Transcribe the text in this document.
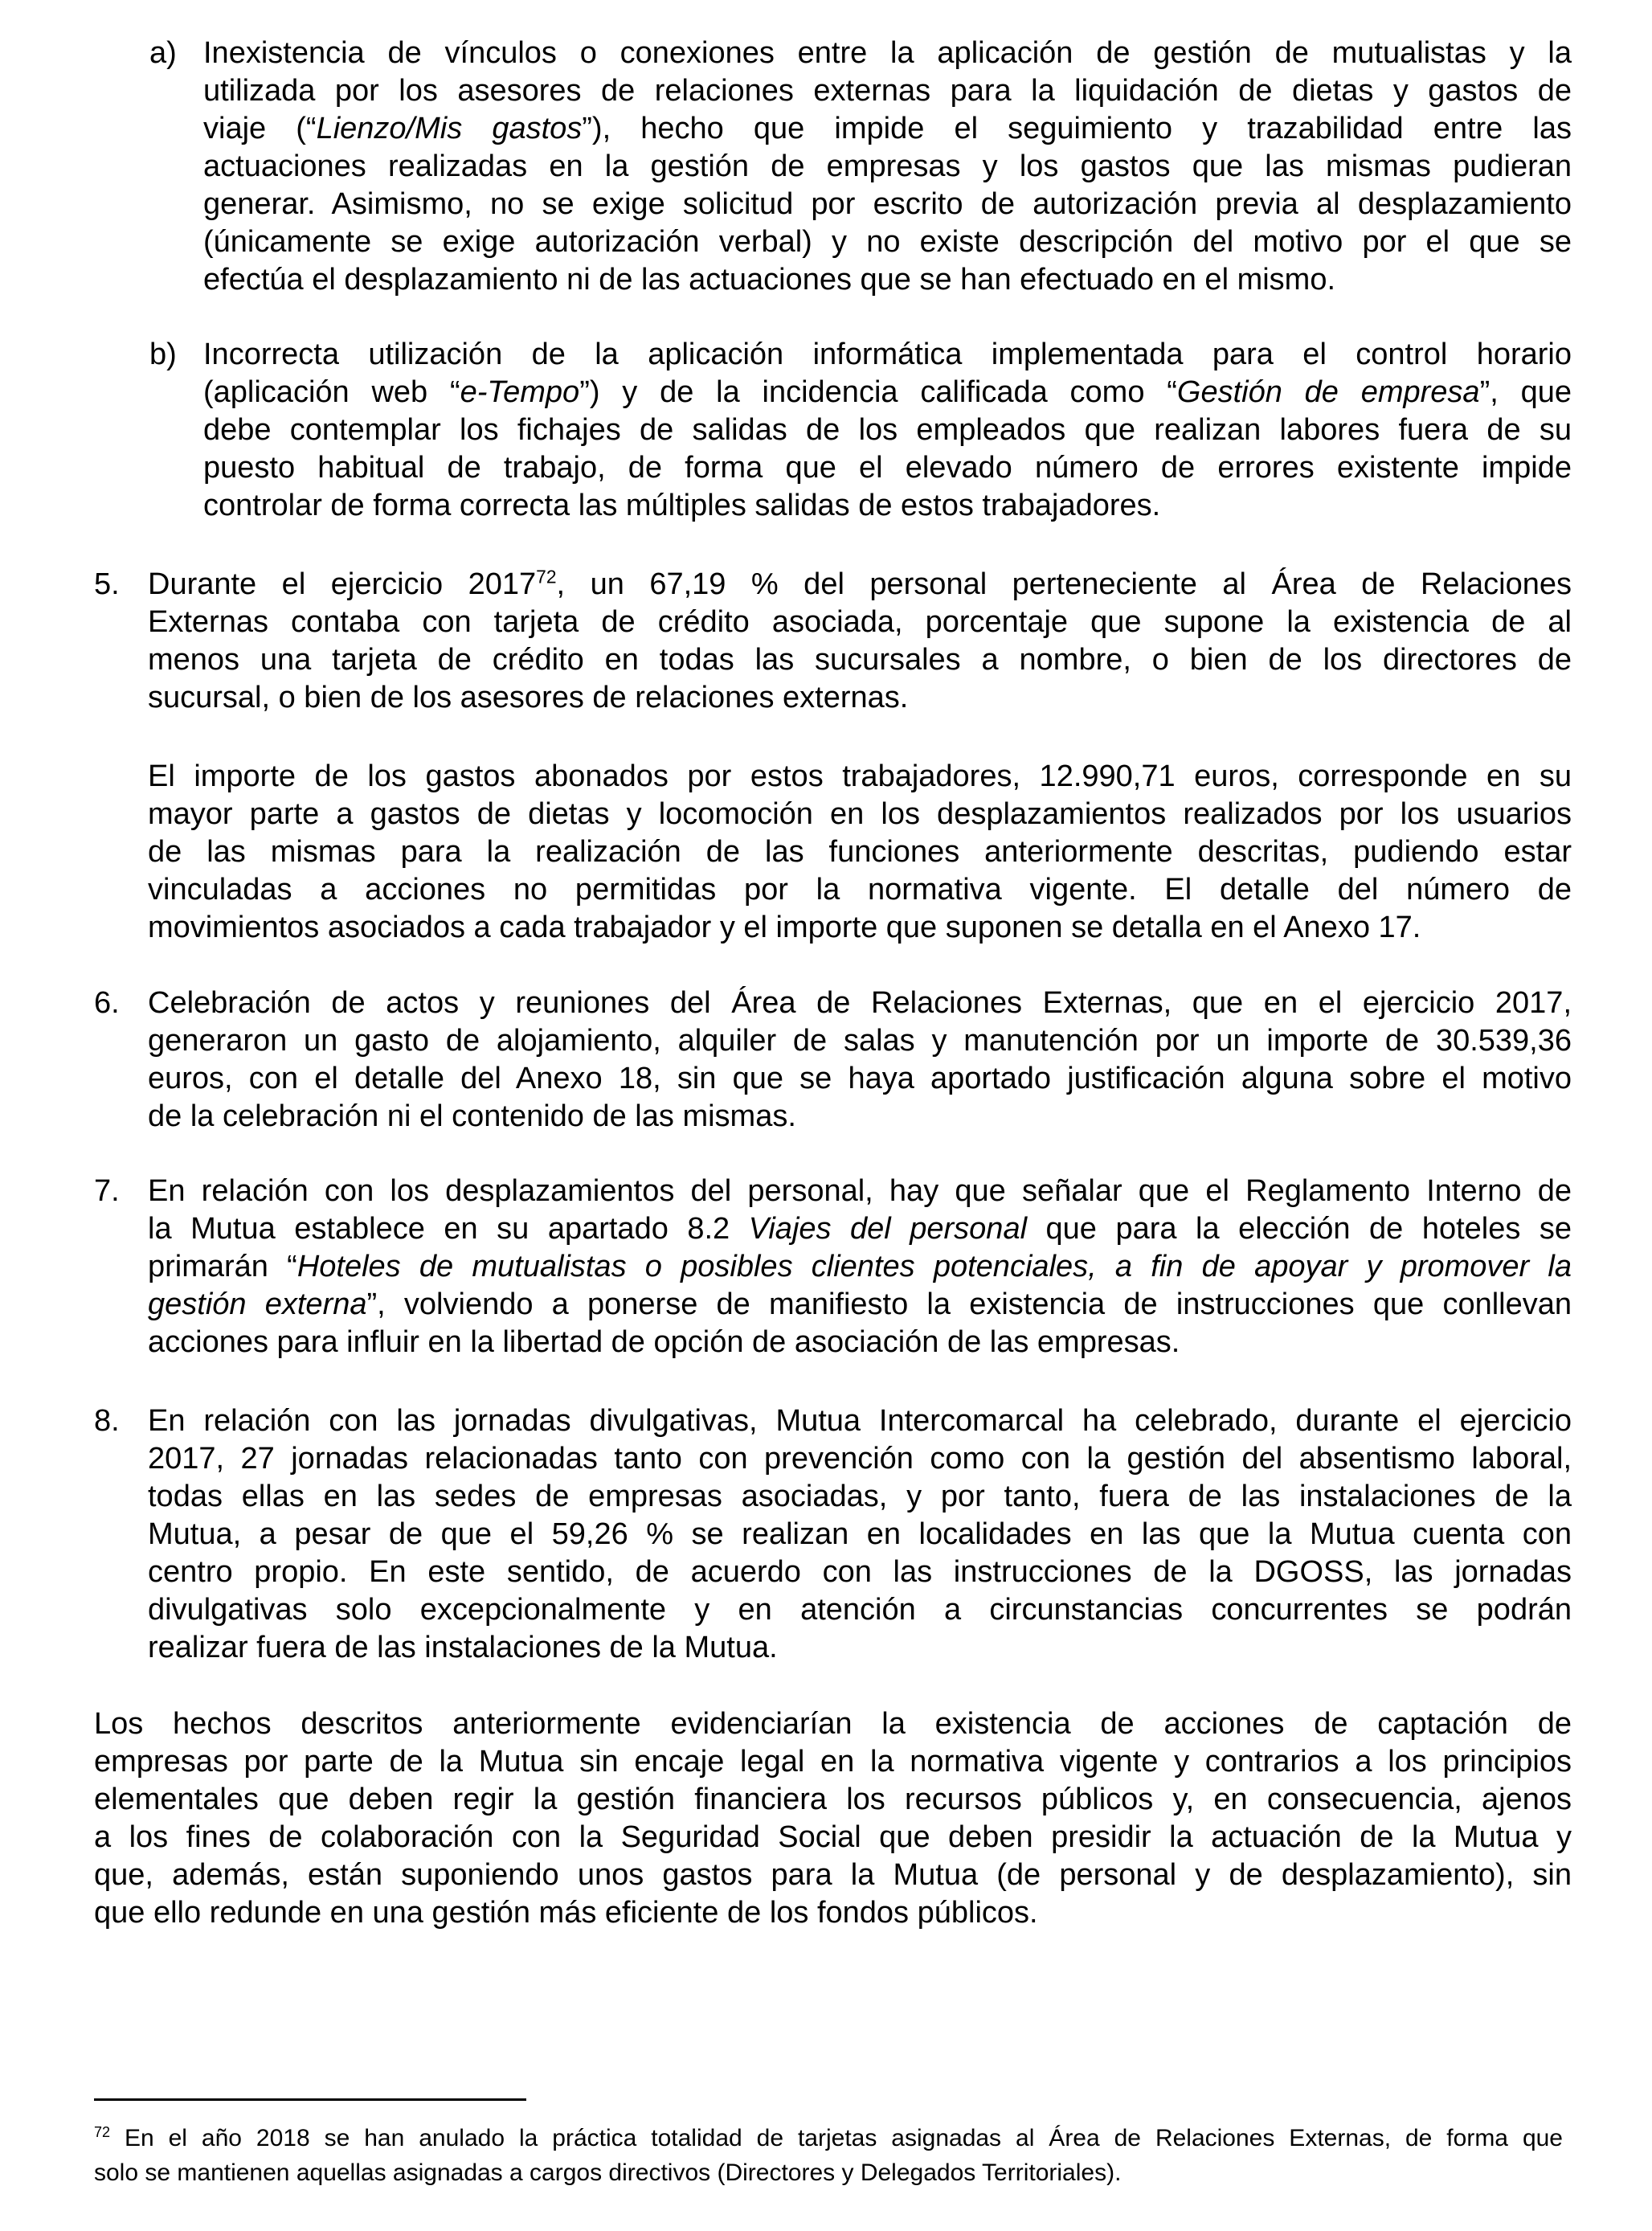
a) Inexistencia de vínculos o conexiones entre la aplicación de gestión de mutualistas y la
utilizada por los asesores de relaciones externas para la liquidación de dietas y gastos de
viaje (“Lienzo/Mis gastos”), hecho que impide el seguimiento y trazabilidad entre las
actuaciones realizadas en la gestión de empresas y los gastos que las mismas pudieran
generar. Asimismo, no se exige solicitud por escrito de autorización previa al desplazamiento
(únicamente se exige autorización verbal) y no existe descripción del motivo por el que se
efectúa el desplazamiento ni de las actuaciones que se han efectuado en el mismo.
b) Incorrecta utilización de la aplicación informática implementada para el control horario
(aplicación web “e-Tempo”) y de la incidencia calificada como “Gestión de empresa”, que
debe contemplar los fichajes de salidas de los empleados que realizan labores fuera de su
puesto habitual de trabajo, de forma que el elevado número de errores existente impide
controlar de forma correcta las múltiples salidas de estos trabajadores.
5. Durante el ejercicio 2017$^{72}$, un 67,19 % del personal perteneciente al Área de Relaciones
Externas contaba con tarjeta de crédito asociada, porcentaje que supone la existencia de al
menos una tarjeta de crédito en todas las sucursales a nombre, o bien de los directores de
sucursal, o bien de los asesores de relaciones externas.
El importe de los gastos abonados por estos trabajadores, 12.990,71 euros, corresponde en su
mayor parte a gastos de dietas y locomoción en los desplazamientos realizados por los usuarios
de las mismas para la realización de las funciones anteriormente descritas, pudiendo estar
vinculadas a acciones no permitidas por la normativa vigente. El detalle del número de
movimientos asociados a cada trabajador y el importe que suponen se detalla en el Anexo 17.
6. Celebración de actos y reuniones del Área de Relaciones Externas, que en el ejercicio 2017,
generaron un gasto de alojamiento, alquiler de salas y manutención por un importe de 30.539,36
euros, con el detalle del Anexo 18, sin que se haya aportado justificación alguna sobre el motivo
de la celebración ni el contenido de las mismas.
7. En relación con los desplazamientos del personal, hay que señalar que el Reglamento Interno de
la Mutua establece en su apartado 8.2 Viajes del personal que para la elección de hoteles se
primarán “Hoteles de mutualistas o posibles clientes potenciales, a fin de apoyar y promover la
gestión externa”, volviendo a ponerse de manifiesto la existencia de instrucciones que conllevan
acciones para influir en la libertad de opción de asociación de las empresas.
8. En relación con las jornadas divulgativas, Mutua Intercomarcal ha celebrado, durante el ejercicio
2017, 27 jornadas relacionadas tanto con prevención como con la gestión del absentismo laboral,
todas ellas en las sedes de empresas asociadas, y por tanto, fuera de las instalaciones de la
Mutua, a pesar de que el 59,26 % se realizan en localidades en las que la Mutua cuenta con
centro propio. En este sentido, de acuerdo con las instrucciones de la DGOSS, las jornadas
divulgativas solo excepcionalmente y en atención a circunstancias concurrentes se podrán
realizar fuera de las instalaciones de la Mutua.
Los hechos descritos anteriormente evidenciarían la existencia de acciones de captación de
empresas por parte de la Mutua sin encaje legal en la normativa vigente y contrarios a los principios
elementales que deben regir la gestión financiera los recursos públicos y, en consecuencia, ajenos
a los fines de colaboración con la Seguridad Social que deben presidir la actuación de la Mutua y
que, además, están suponiendo unos gastos para la Mutua (de personal y de desplazamiento), sin
que ello redunde en una gestión más eficiente de los fondos públicos.
$^{72}$ En el año 2018 se han anulado la práctica totalidad de tarjetas asignadas al Área de Relaciones Externas, de forma que
solo se mantienen aquellas asignadas a cargos directivos (Directores y Delegados Territoriales).
